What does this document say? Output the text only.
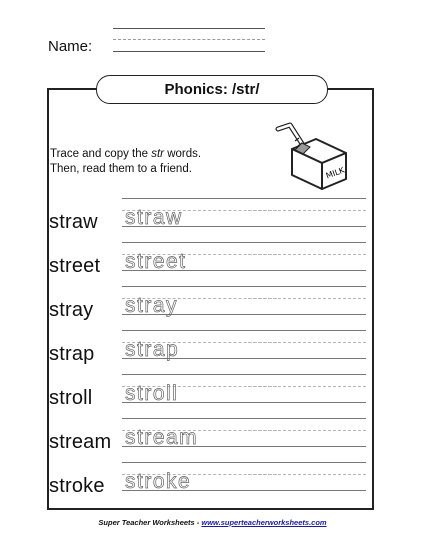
Name:
Phonics: /str/
Trace and copy the str words.
Then, read them to a friend.	MILK
straw straw
street street
stray stray
strap strap
stroll stroll
stream stream
stroke stroke
Super Teacher Worksheets - www.superteacherworksheets.com
